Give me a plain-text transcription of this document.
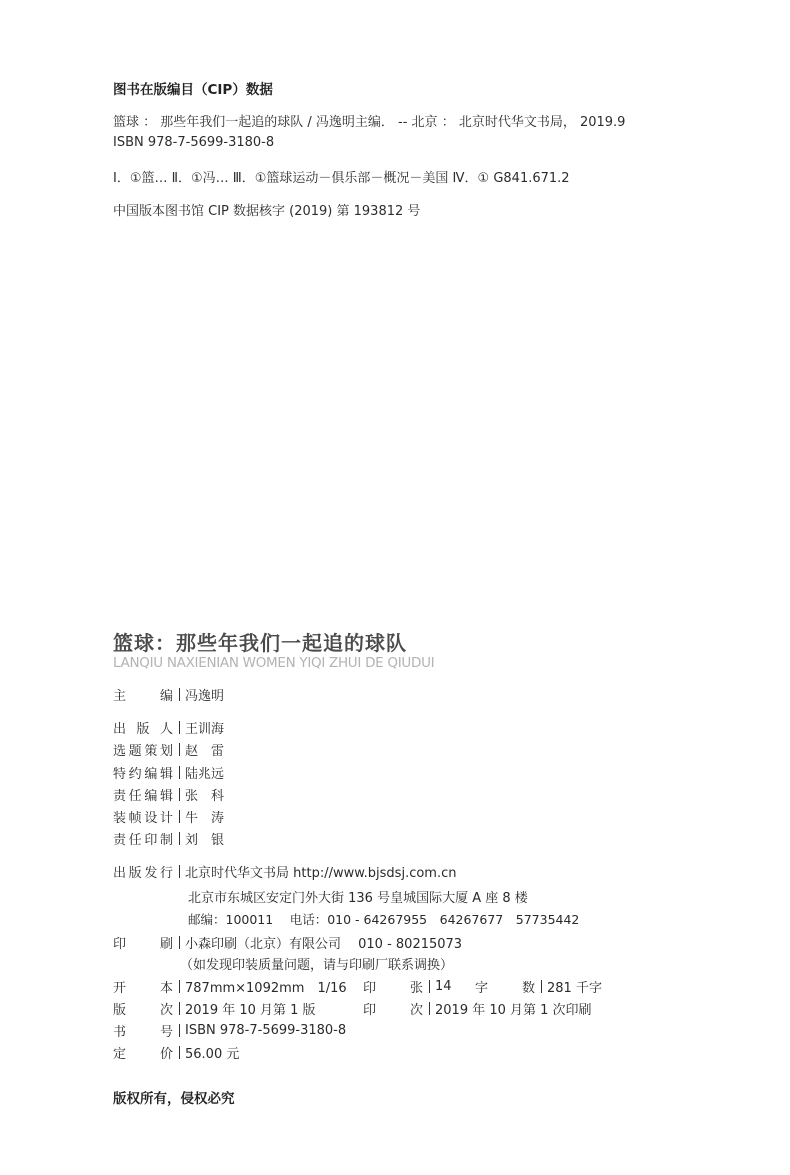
图书在版编目（CIP）数据
篮球 ： 那些年我们一起追的球队 / 冯逸明主编． -- 北京 ： 北京时代华文书局， 2019.9
ISBN 978-7-5699-3180-8
Ⅰ．①篮… Ⅱ．①冯… Ⅲ．①篮球运动－俱乐部－概况－美国 Ⅳ．① G841.671.2
中国版本图书馆 CIP 数据核字 (2019) 第 193812 号
篮球：那些年我们一起追的球队
LANQIU NAXIENIAN WOMEN YIQI ZHUI DE QIUDUI
主编 冯逸明
出版人 王训海
选题策划 赵　雷
特约编辑 陆兆远
责任编辑 张　科
装帧设计 牛　涛
责任印制 刘　银
出版发行 北京时代华文书局 http://www.bjsdsj.com.cn
北京市东城区安定门外大街 136 号皇城国际大厦 A 座 8 楼
邮编：100011　 电话：010 - 64267955　64267677　57735442
印刷 小森印刷（北京）有限公司　 010 - 80215073
（如发现印装质量问题，请与印刷厂联系调换）
开本 787mm×1092mm　1/16	印张 14	字数 281 千字
版次 2019 年 10 月第 1 版	印次 2019 年 10 月第 1 次印刷
书号 ISBN 978-7-5699-3180-8
定价 56.00 元
版权所有，侵权必究
